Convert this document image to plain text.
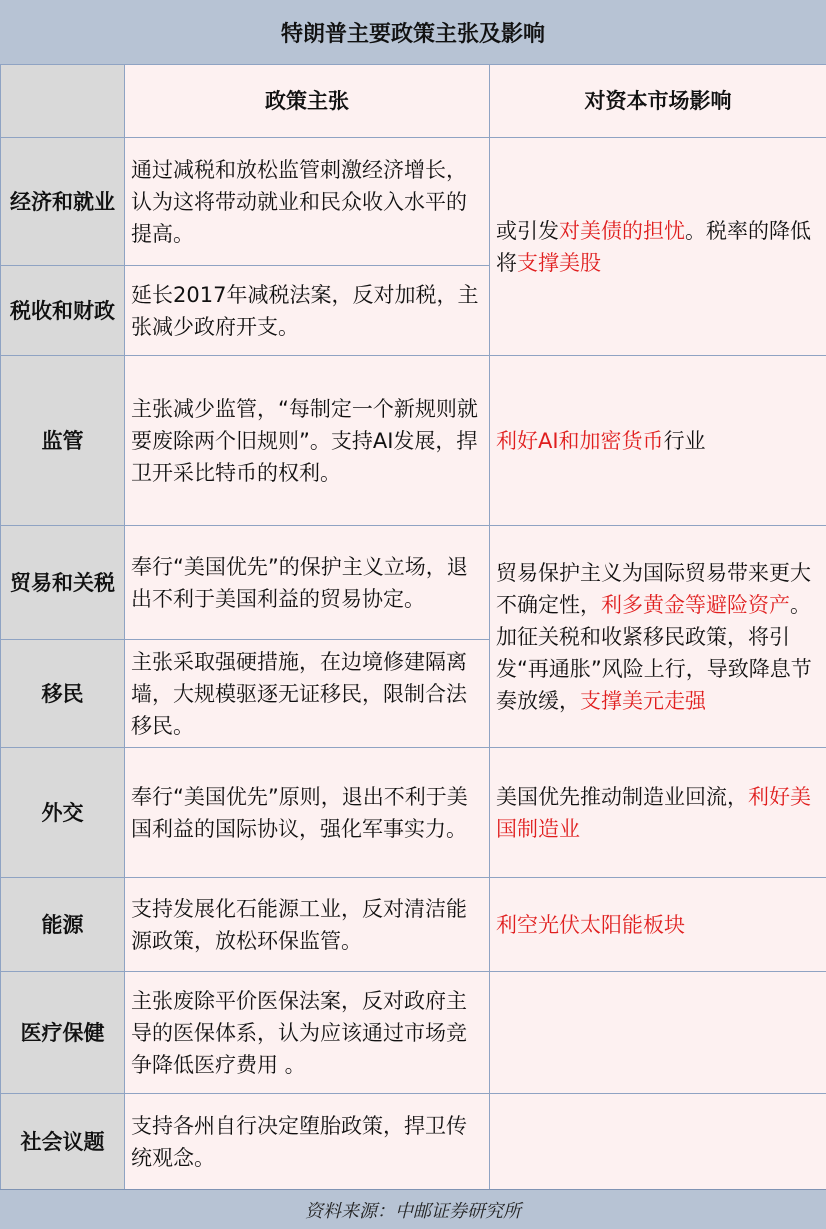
特朗普主要政策主张及影响
	政策主张	对资本市场影响
经济和就业	通过减税和放松监管刺激经济增长，认为这将带动就业和民众收入水平的提高。	或引发对美债的担忧。税率的降低将支撑美股
税收和财政	延长2017年减税法案，反对加税，主张减少政府开支。	
监管	主张减少监管，“每制定一个新规则就要废除两个旧规则”。支持AI发展，捍卫开采比特币的权利。	利好AI和加密货币行业
贸易和关税	奉行“美国优先”的保护主义立场，退出不利于美国利益的贸易协定。	贸易保护主义为国际贸易带来更大不确定性，利多黄金等避险资产。加征关税和收紧移民政策，将引发“再通胀”风险上行，导致降息节奏放缓，支撑美元走强
移民	主张采取强硬措施，在边境修建隔离墙，大规模驱逐无证移民，限制合法移民。	
外交	奉行“美国优先”原则，退出不利于美国利益的国际协议，强化军事实力。	美国优先推动制造业回流，利好美国制造业
能源	支持发展化石能源工业，反对清洁能源政策，放松环保监管。	利空光伏太阳能板块
医疗保健	主张废除平价医保法案，反对政府主导的医保体系，认为应该通过市场竞争降低医疗费用 。	
社会议题	支持各州自行决定堕胎政策，捍卫传统观念。	
资料来源：中邮证券研究所
